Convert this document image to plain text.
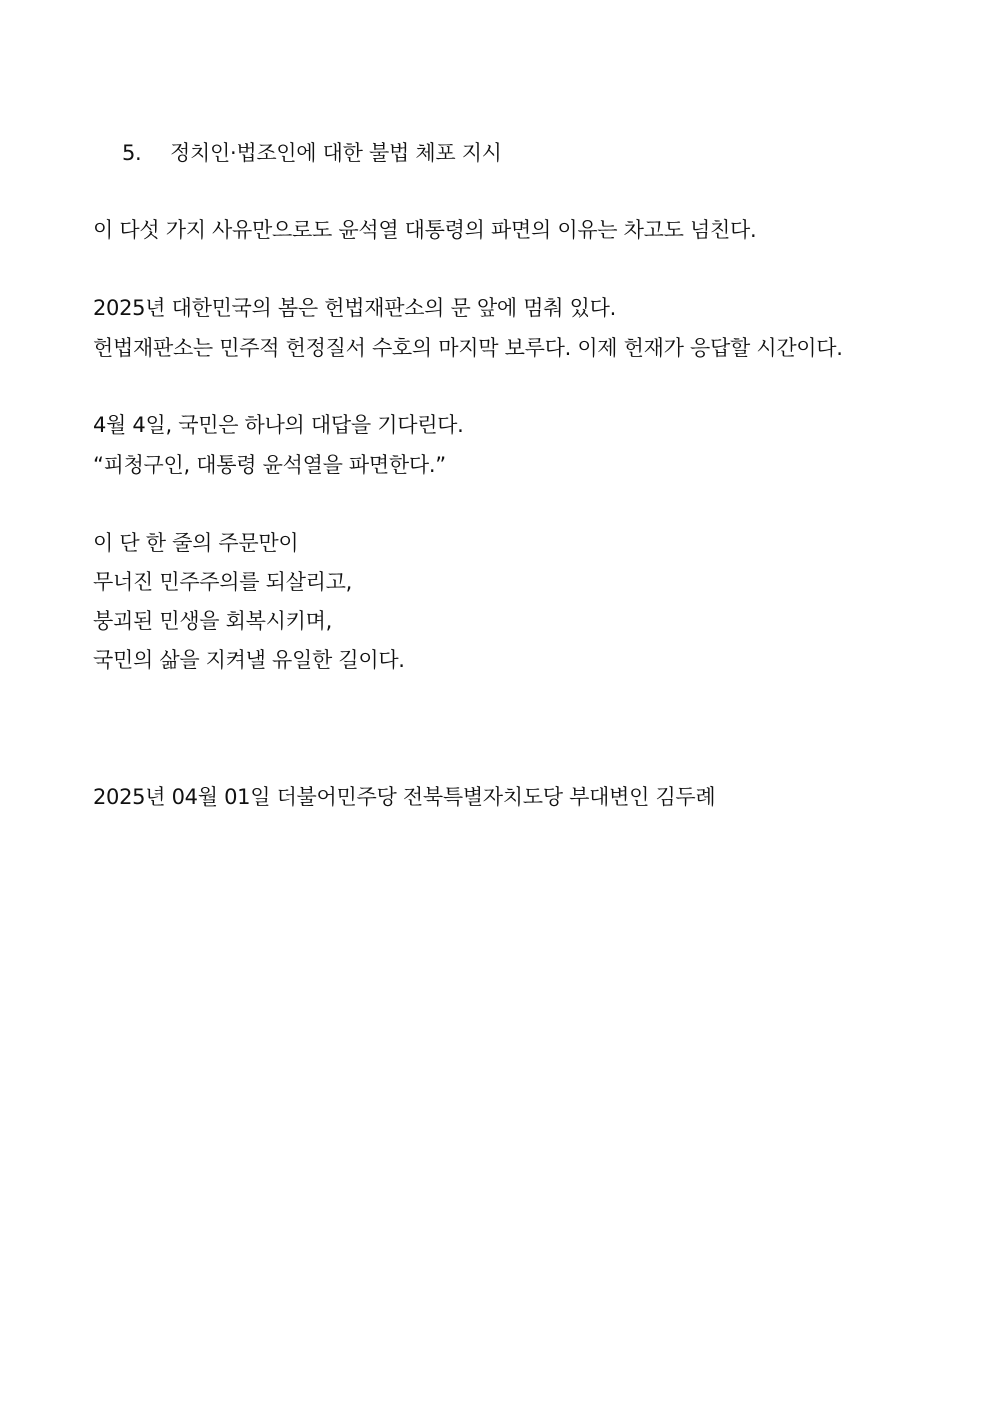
5. 정치인·법조인에 대한 불법 체포 지시
이 다섯 가지 사유만으로도 윤석열 대통령의 파면의 이유는 차고도 넘친다.
2025년 대한민국의 봄은 헌법재판소의 문 앞에 멈춰 있다.
헌법재판소는 민주적 헌정질서 수호의 마지막 보루다. 이제 헌재가 응답할 시간이다.
4월 4일, 국민은 하나의 대답을 기다린다.
“피청구인, 대통령 윤석열을 파면한다.”
이 단 한 줄의 주문만이
무너진 민주주의를 되살리고,
붕괴된 민생을 회복시키며,
국민의 삶을 지켜낼 유일한 길이다.
2025년 04월 01일 더불어민주당 전북특별자치도당 부대변인 김두례
